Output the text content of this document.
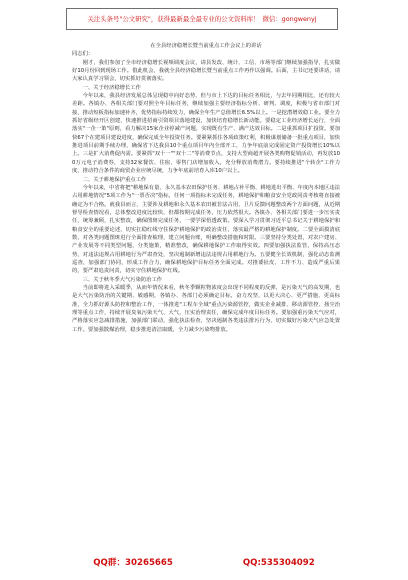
关注头条号"公文研究"，获得最新最全最专业的公文资料库！ 微信：gongwenyj

在全县经济稳增长暨当前重点工作会议上的讲话

同志们：

刚才，我们参加了全市经济稳增长视频调度会议，请县发改、统计、工信、市场等部门继续加强指导，扎实做好10月份回到现场工作。借此机会，我就全县经济稳增长暨当前重点工作再作以强调。后面，主书记还要讲话，请大家认真学习领会，切实抓好贯彻落实。

一、关于经济稳增长工作

今年以来，我县经济发展总体呈现稳中向好态势，但与市上下达的目标任务相比，与去年同期相比，还有较大差距。各镇办、各相关部门要对照全年目标任务，继续加强主要经济指标分析、研判、调度，积极与省市部门对接，推动短板指标加速补齐，优势指标持续发力，确保全年生产总值增长6.5%以上。一是挖潜增效稳工业。要全力抓好省级经开区创建，快速推进招商引资项目落地建设，加快培育稳增长新动能。要稳定工业经济增长运行，全面落实"一企一策"原则，看力解决15家企业停减产问题，实现既有生产、满产达效目标。二是重抓项目扩投资。要加快67个在建项目建设进度，确保完成全年投资任务。要紧紧抓住各项政策红利，积极谋划储备一批重点项目，加快推进项目前期手续办理，确保省下达我县10个重点项目年内全部开工，力争年底前完成固定资产投资增长10%以上。三是扩大消费促内需。要紧抓"双十一""双十二"等消费节点，支持大型商超开展各类购物促销活动，再发放100万元电子消费券，支持32家餐饮、住宿、零售门店增加收入，充分释放消费潜力。要持续推进"个转企"工作力度，推动符合条件的商贸企业应统尽统，力争年底前培育入库10户以上。

二、关于耕地保护重点工作

今年以来，中省将把"耕地保有量、永久基本农田保护任务、耕地占补平衡、耕地进出平衡、年度内本地区违法占用耕地情况"5项工作为"一票否决"指标，任何一项指标未完成任务，耕地保护和粮食安全党政同责考核将直接被确定为不合格。就我县而言，主要涉及耕地和永久基本农田被非法占用、卫片反馈问题整改两个方面问题，从近期督导检查情况看，总体整改进度比较快，但都按期完成任务，压力依然很大。各镇办、各相关部门要进一步压实责任，统筹兼顾，扎实整改，确保图斑完成任务，一要学深悟透政策。要深入学习贯彻习近平总书记关于耕地保护和粮食安全的重要论述，切实扛稳红线守住保护耕地保护的政治责任，落实最严格的耕地保护制度。二要全面摸清底数，对各类问题图斑进行全面排查梳理，建立问题台账，明确整改措施和时限。三要坚持分类处置，对农户建房、产业发展等不同类型问题，分类施策，精准整改，确保耕地保护工作取得实效。四要加强执法监管，保持高压态势，对违法违规占用耕地行为严肃查处，坚决遏制新增违法违规占用耕地行为。五要健全长效机制，强化动态监测巡查，加强部门协同，形成工作合力，确保耕地保护目标任务全面完成。对推诿扯皮、工作不力、造成严重后果的，要严肃追责问责，切实守住耕地保护红线。

三、关于秋冬季大气污染防治工作

当前即将进入采暖季，从而年情况来看，秋冬季颗粒物浓度会出现不同程度的反弹，是污染天气的高发期，也是大气污染防治的关键期、敏感期，各镇办、各部门必须确定目标，奋力攻坚，以更大决心、更严措施、更高标准，全力抓好源头防控和整治工作，一体推进"工程车全域"重点污染源管控，做实企业减排、移动源管控、扬尘治理等重点工作，持续开展臭氧污染天气、大气，压实治理责任，确保完成年度目标任务。要加强重污染天气应对，严格落实应急减排措施，加强部门联动，强化执法检查，坚决遏制各类违法排污行为，切实做好污染天气应急处置工作。要加强散煤治理，稳步推进清洁取暖，全力减少污染物排放。

QQ群：30265665	QQ:535304092
